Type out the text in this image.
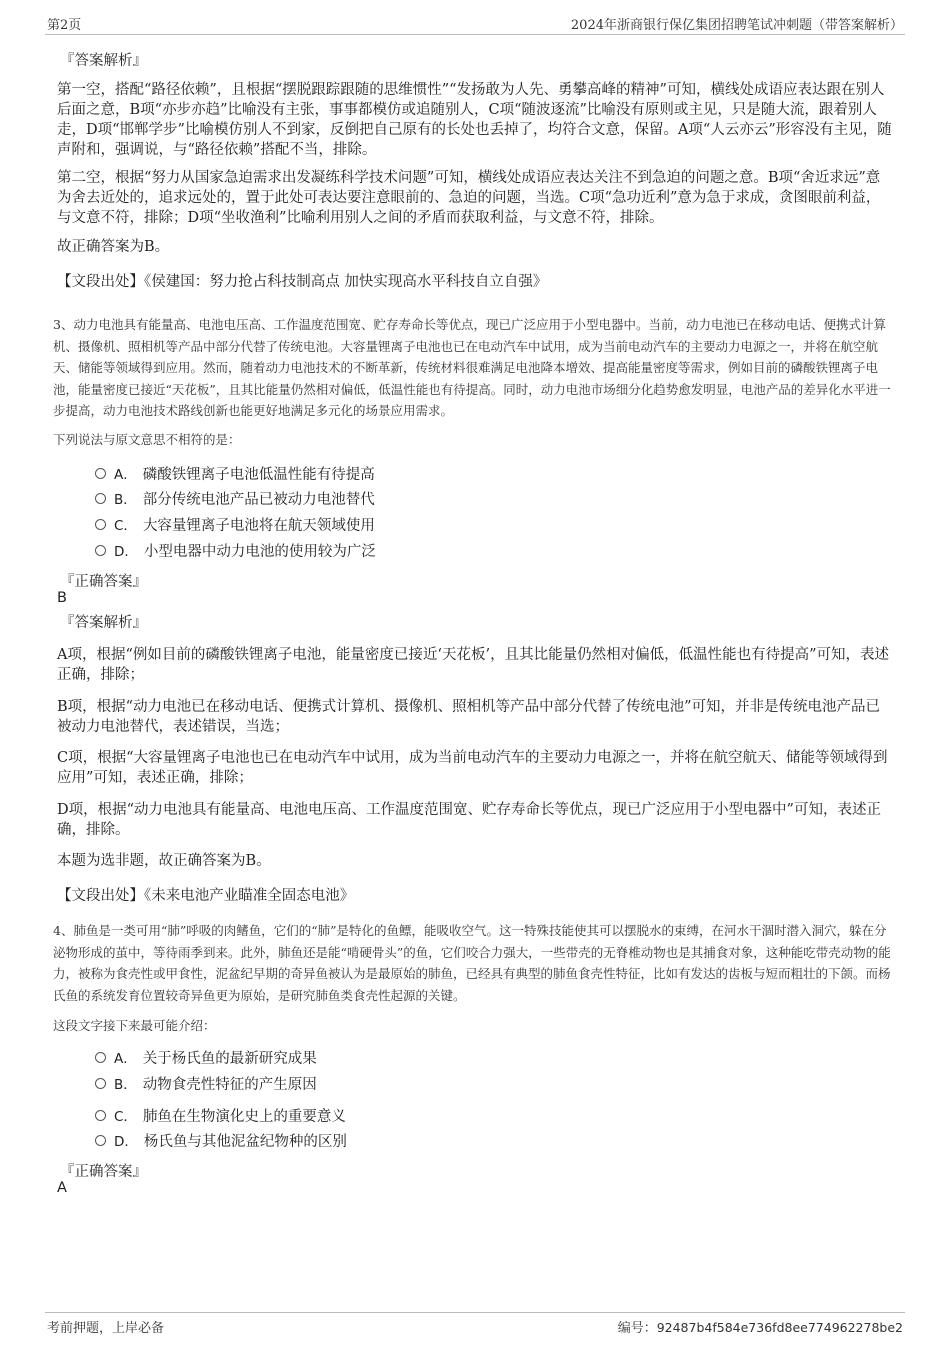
第2页	2024年浙商银行保亿集团招聘笔试冲刺题（带答案解析）
『答案解析』
第一空，搭配“路径依赖”，且根据“摆脱跟踪跟随的思维惯性”“发扬敢为人先、勇攀高峰的精神”可知，横线处成语应表达跟在别人后面之意，B项“亦步亦趋”比喻没有主张，事事都模仿或追随别人，C项“随波逐流”比喻没有原则或主见，只是随大流，跟着别人走，D项“邯郸学步”比喻模仿别人不到家，反倒把自己原有的长处也丢掉了，均符合文意，保留。A项“人云亦云”形容没有主见，随声附和，强调说，与“路径依赖”搭配不当，排除。
第二空，根据“努力从国家急迫需求出发凝练科学技术问题”可知，横线处成语应表达关注不到急迫的问题之意。B项“舍近求远”意为舍去近处的，追求远处的，置于此处可表达要注意眼前的、急迫的问题，当选。C项“急功近利”意为急于求成，贪图眼前利益，与文意不符，排除；D项“坐收渔利”比喻利用别人之间的矛盾而获取利益，与文意不符，排除。
故正确答案为B。
【文段出处】《侯建国：努力抢占科技制高点 加快实现高水平科技自立自强》
3、动力电池具有能量高、电池电压高、工作温度范围宽、贮存寿命长等优点，现已广泛应用于小型电器中。当前，动力电池已在移动电话、便携式计算机、摄像机、照相机等产品中部分代替了传统电池。大容量锂离子电池也已在电动汽车中试用，成为当前电动汽车的主要动力电源之一，并将在航空航天、储能等领域得到应用。然而，随着动力电池技术的不断革新，传统材料很难满足电池降本增效、提高能量密度等需求，例如目前的磷酸铁锂离子电池，能量密度已接近“天花板”，且其比能量仍然相对偏低，低温性能也有待提高。同时，动力电池市场细分化趋势愈发明显，电池产品的差异化水平进一步提高，动力电池技术路线创新也能更好地满足多元化的场景应用需求。
下列说法与原文意思不相符的是：
A． 磷酸铁锂离子电池低温性能有待提高
B． 部分传统电池产品已被动力电池替代
C． 大容量锂离子电池将在航天领域使用
D． 小型电器中动力电池的使用较为广泛
『正确答案』
B
『答案解析』
A项，根据“例如目前的磷酸铁锂离子电池，能量密度已接近‘天花板’，且其比能量仍然相对偏低，低温性能也有待提高”可知，表述正确，排除；
B项，根据“动力电池已在移动电话、便携式计算机、摄像机、照相机等产品中部分代替了传统电池”可知，并非是传统电池产品已被动力电池替代，表述错误，当选；
C项，根据“大容量锂离子电池也已在电动汽车中试用，成为当前电动汽车的主要动力电源之一，并将在航空航天、储能等领域得到应用”可知，表述正确，排除；
D项，根据“动力电池具有能量高、电池电压高、工作温度范围宽、贮存寿命长等优点，现已广泛应用于小型电器中”可知，表述正确，排除。
本题为选非题，故正确答案为B。
【文段出处】《未来电池产业瞄准全固态电池》
4、肺鱼是一类可用“肺”呼吸的肉鳍鱼，它们的“肺”是特化的鱼鳔，能吸收空气。这一特殊技能使其可以摆脱水的束缚，在河水干涸时潜入洞穴，躲在分泌物形成的茧中，等待雨季到来。此外，肺鱼还是能“啃硬骨头”的鱼，它们咬合力强大，一些带壳的无脊椎动物也是其捕食对象，这种能吃带壳动物的能力，被称为食壳性或甲食性，泥盆纪早期的奇异鱼被认为是最原始的肺鱼，已经具有典型的肺鱼食壳性特征，比如有发达的齿板与短而粗壮的下颌。而杨氏鱼的系统发育位置较奇异鱼更为原始，是研究肺鱼类食壳性起源的关键。
这段文字接下来最可能介绍：
A． 关于杨氏鱼的最新研究成果
B． 动物食壳性特征的产生原因
C． 肺鱼在生物演化史上的重要意义
D． 杨氏鱼与其他泥盆纪物种的区别
『正确答案』
A
考前押题，上岸必备	编号：92487b4f584e736fd8ee774962278be2
